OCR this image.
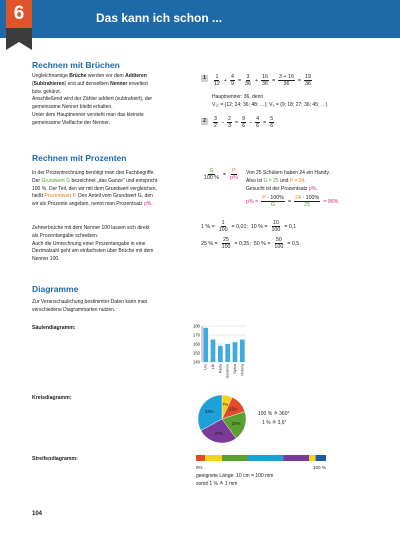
6	Das kann ich schon ...
Rechnen mit Brüchen
Ungleichnamige Brüche werden vor dem Addieren
(Subtrahieren) erst auf denselben Nenner erweitert
bzw. gekürzt.
Anschließend wird der Zähler addiert (subtrahiert), der
gemeinsame Nenner bleibt erhalten.
Unter dem Hauptnenner versteht man das kleinste
gemeinsame Vielfache der Nenner.
1	$\frac{1}{12} + \frac{4}{9} = \frac{3}{36} + \frac{16}{36} = \frac{3 + 16}{36} = \frac{19}{36}$
Hauptnenner: 36, denn
V₁₂ = {12; 24; 36; 48; …}; V₉ = {9; 18; 27; 36; 45; …}
2	$\frac{3}{2} - \frac{2}{3} = \frac{9}{6} - \frac{4}{6} = \frac{5}{6}$
Rechnen mit Prozenten
In der Prozentrechnung benötigt man drei Fachbegriffe.
Der Grundwert G bezeichnet „das Ganze“ und entspricht
100 %. Der Teil, den wir mit dem Grundwert vergleichen,
heißt Prozentwert P. Den Anteil vom Grundwert G, den
wir als Prozente angeben, nennt man Prozentsatz p%.
$\frac{G}{100 \%} = \frac{P}{p\%}$ Von 25 Schülern haben 24 ein Handy.
Also ist G = 25 und P = 24.
Gesucht ist der Prozentsatz p%.
$p\% = \frac{P \cdot 100\%}{G} = \frac{24 \cdot 100\%}{25} = 96\%$
Zehnerbrüche mit dem Nenner 100 lassen sich direkt
als Prozentangabe schreiben.
Auch die Umrechnung einer Prozentangabe in eine
Dezimalzahl geht am einfachsten über Brüche mit dem
Nenner 100.
1 % = $\frac{1}{100} = 0,01$;  10 % = $\frac{10}{100} = 0,1$
25 % = $\frac{25}{100} = 0,25$;  50 % = $\frac{50}{100} = 0,5$
Diagramme
Zur Veranschaulichung bestimmter Daten kann man
verschiedene Diagrammarten nutzen.
Säulendiagramm:
140
150
160
170
180
Urs Lilli Paula Susanne Sylvia Victoria
Kreisdiagramm:
7%
13%
20%
27%
33%	100 % ≙ 360°
1 % ≙ 3,6°
Streifendiagramm:
0%	100 %
geeignete Länge: 10 cm = 100 mm
somit 1 % ≙ 1 mm
104
